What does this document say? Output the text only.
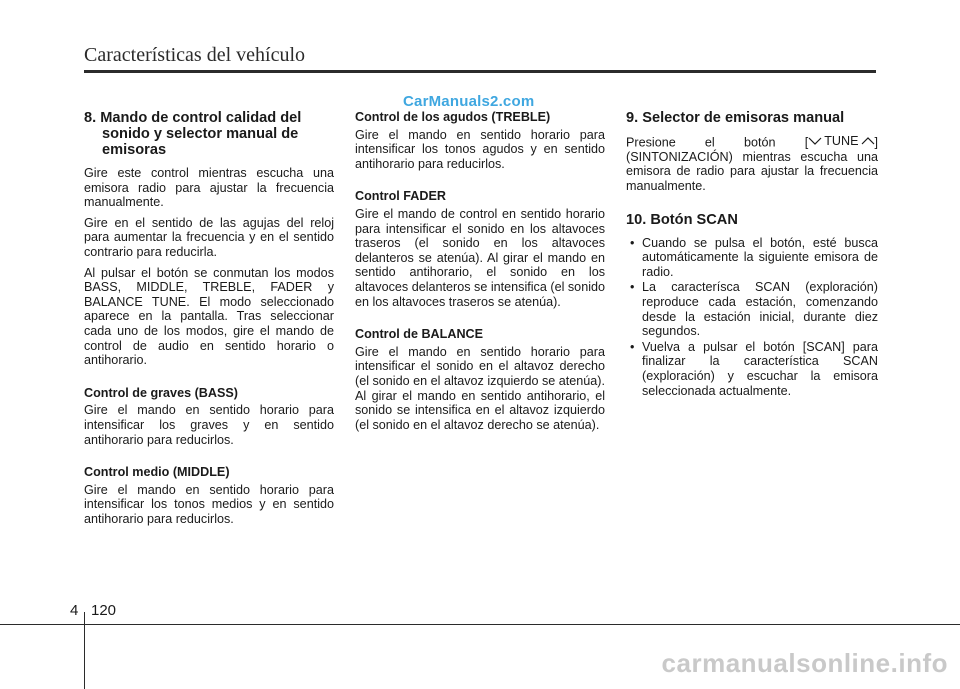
Características del vehículo
CarManuals2.com
8. Mando de control calidad del sonido y selector manual de emisoras

Gire este control mientras escucha una emisora radio para ajustar la frecuencia manualmente.

Gire en el sentido de las agujas del reloj para aumentar la frecuencia y en el sentido contrario para reducirla.

Al pulsar el botón se conmutan los modos BASS, MIDDLE, TREBLE, FADER y BALANCE TUNE. El modo seleccionado aparece en la pantalla. Tras seleccionar cada uno de los modos, gire el mando de control de audio en sentido horario o antihorario.

Control de graves (BASS)

Gire el mando en sentido horario para intensificar los graves y en sentido antihorario para reducirlos.

Control medio (MIDDLE)

Gire el mando en sentido horario para intensificar los tonos medios y en sentido antihorario para reducirlos.

Control de los agudos (TREBLE)

Gire el mando en sentido horario para intensificar los tonos agudos y en sentido antihorario para reducirlos.

Control FADER

Gire el mando de control en sentido horario para intensificar el sonido en los altavoces traseros (el sonido en los altavoces delanteros se atenúa). Al girar el mando en sentido antihorario, el sonido en los altavoces delanteros se intensifica (el sonido en los altavoces traseros se atenúa).

Control de BALANCE

Gire el mando en sentido horario para intensificar el sonido en el altavoz derecho (el sonido en el altavoz izquierdo se atenúa). Al girar el mando en sentido antihorario, el sonido se intensifica en el altavoz izquierdo (el sonido en el altavoz derecho se atenúa).

9. Selector de emisoras manual

Presione el botón [ TUNE ] (SINTONIZACIÓN) mientras escucha una emisora de radio para ajustar la frecuencia manualmente.

10. Botón SCAN
• Cuando se pulsa el botón, esté busca automáticamente la siguiente emisora de radio.
• La caracterísca SCAN (exploración) reproduce cada estación, comenzando desde la estación inicial, durante diez segundos.
• Vuelva a pulsar el botón [SCAN] para finalizar la característica SCAN (exploración) y escuchar la emisora seleccionada actualmente.
4 120
carmanualsonline.info
